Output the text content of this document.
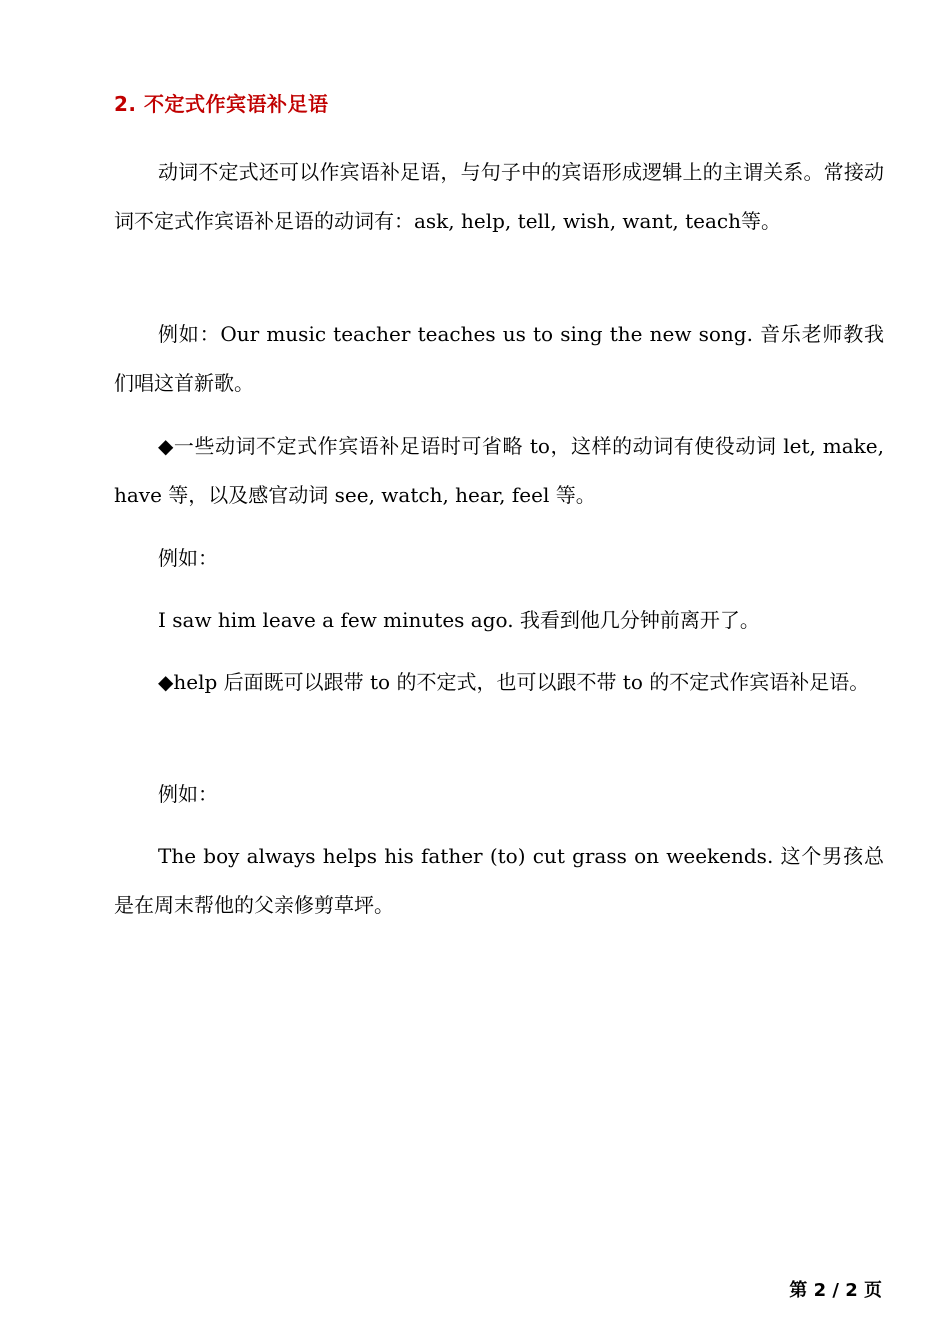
2. 不定式作宾语补足语

动词不定式还可以作宾语补足语，与句子中的宾语形成逻辑上的主谓关系。常接动词不定式作宾语补足语的动词有：ask, help, tell, wish, want, teach等。

例如：Our music teacher teaches us to sing the new song. 音乐老师教我们唱这首新歌。

◆一些动词不定式作宾语补足语时可省略 to，这样的动词有使役动词 let, make, have 等，以及感官动词 see, watch, hear, feel 等。

例如：

I saw him leave a few minutes ago. 我看到他几分钟前离开了。

◆help 后面既可以跟带 to 的不定式，也可以跟不带 to 的不定式作宾语补足语。

例如：

The boy always helps his father (to) cut grass on weekends. 这个男孩总是在周末帮他的父亲修剪草坪。

第 2 / 2 页
